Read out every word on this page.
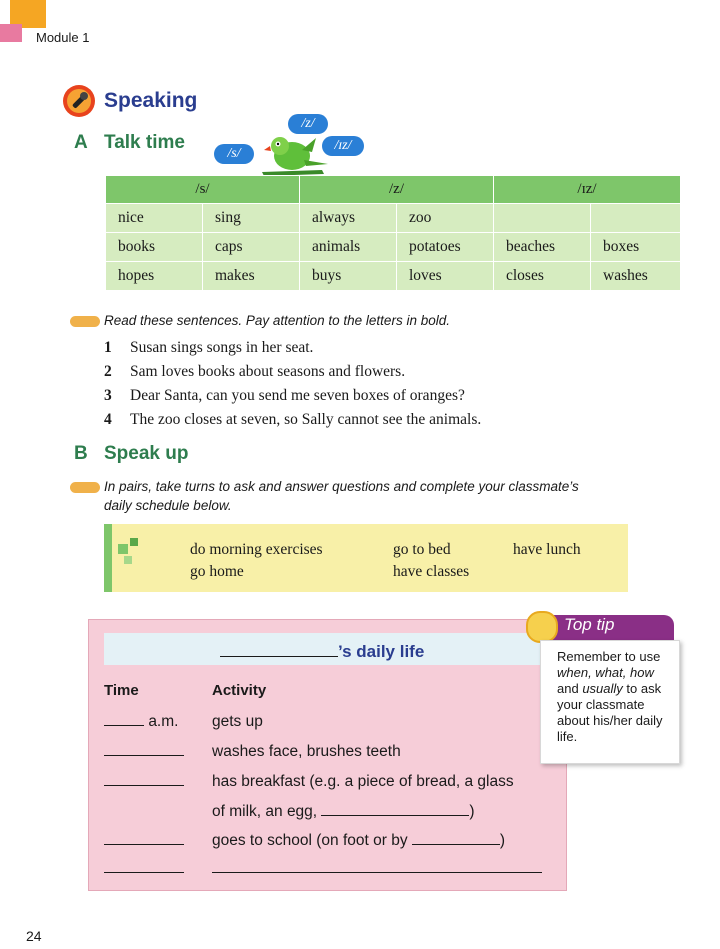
Module 1
Speaking
A Talk time
/s/
/z/
/ɪz/
/s/		/z/		/ɪz/	
nice	sing	always	zoo		
books	caps	animals	potatoes	beaches	boxes
hopes	makes	buys	loves	closes	washes
Read these sentences. Pay attention to the letters in bold.
1 Susan sings songs in her seat.
2 Sam loves books about seasons and flowers.
3 Dear Santa, can you send me seven boxes of oranges?
4 The zoo closes at seven, so Sally cannot see the animals.
B Speak up
In pairs, take turns to ask and answer questions and complete your classmate’s
daily schedule below.
do morning exercises	go to bed	have lunch
go home	have classes
’s daily life
Time	Activity
a.m. gets up
washes face, brushes teeth
has breakfast (e.g. a piece of bread, a glass
of milk, an egg,	)
goes to school (on foot or by	)
Top tip
Remember to use when, what, how and usually to ask your classmate about his/her daily life.
24
